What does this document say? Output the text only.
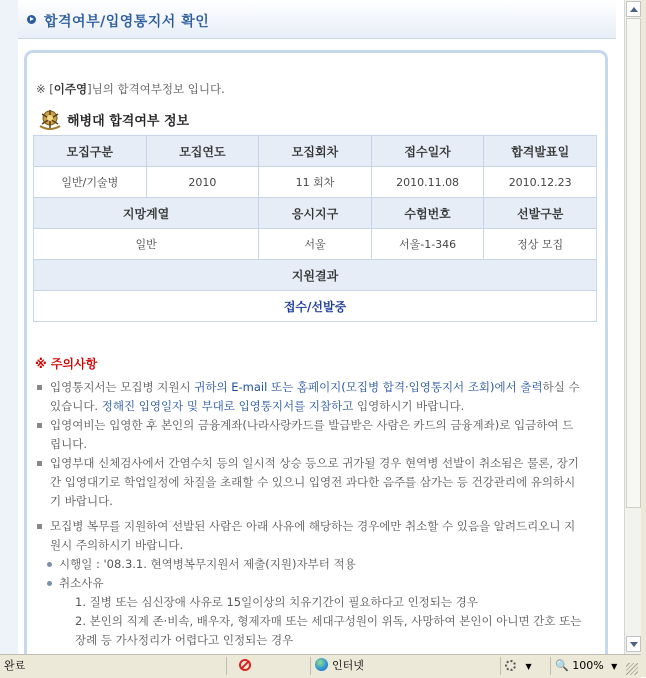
합격여부/입영통지서 확인
※ [이주영]님의 합격여부정보 입니다.
해병대 합격여부 정보
모집구분	모집연도	모집회차	접수일자	합격발표일
일반/기술병	2010	11 회차	2010.11.08	2010.12.23
지망계열		응시지구	수험번호	선발구분
일반		서울	서울-1-346	정상 모집
지원결과				
접수/선발중				
※ 주의사항
입영통지서는 모집병 지원시 귀하의 E-mail 또는 홈페이지(모집병 합격·입영통지서 조회)에서 출력하실 수 있습니다. 정해진 입영일자 및 부대로 입영통지서를 지참하고 입영하시기 바랍니다.
입영여비는 입영한 후 본인의 금융계좌(나라사랑카드를 발급받은 사람은 카드의 금융계좌)로 입금하여 드립니다.
입영부대 신체검사에서 간염수치 등의 일시적 상승 등으로 귀가될 경우 현역병 선발이 취소됨은 물론, 장기간 입영대기로 학업일정에 차질을 초래할 수 있으니 입영전 과다한 음주를 삼가는 등 건강관리에 유의하시기 바랍니다.
모집병 복무를 지원하여 선발된 사람은 아래 사유에 해당하는 경우에만 취소할 수 있음을 알려드리오니 지원시 주의하시기 바랍니다.
시행일 : '08.3.1. 현역병복무지원서 제출(지원)자부터 적용
취소사유
1. 질병 또는 심신장애 사유로 15일이상의 치유기간이 필요하다고 인정되는 경우
2. 본인의 직계 존·비속, 배우자, 형제자매 또는 세대구성원이 위독, 사망하여 본인이 아니면 간호 또는 장례 등 가사정리가 어렵다고 인정되는 경우
완료	인터넷	▼	🔍 100% ▼
